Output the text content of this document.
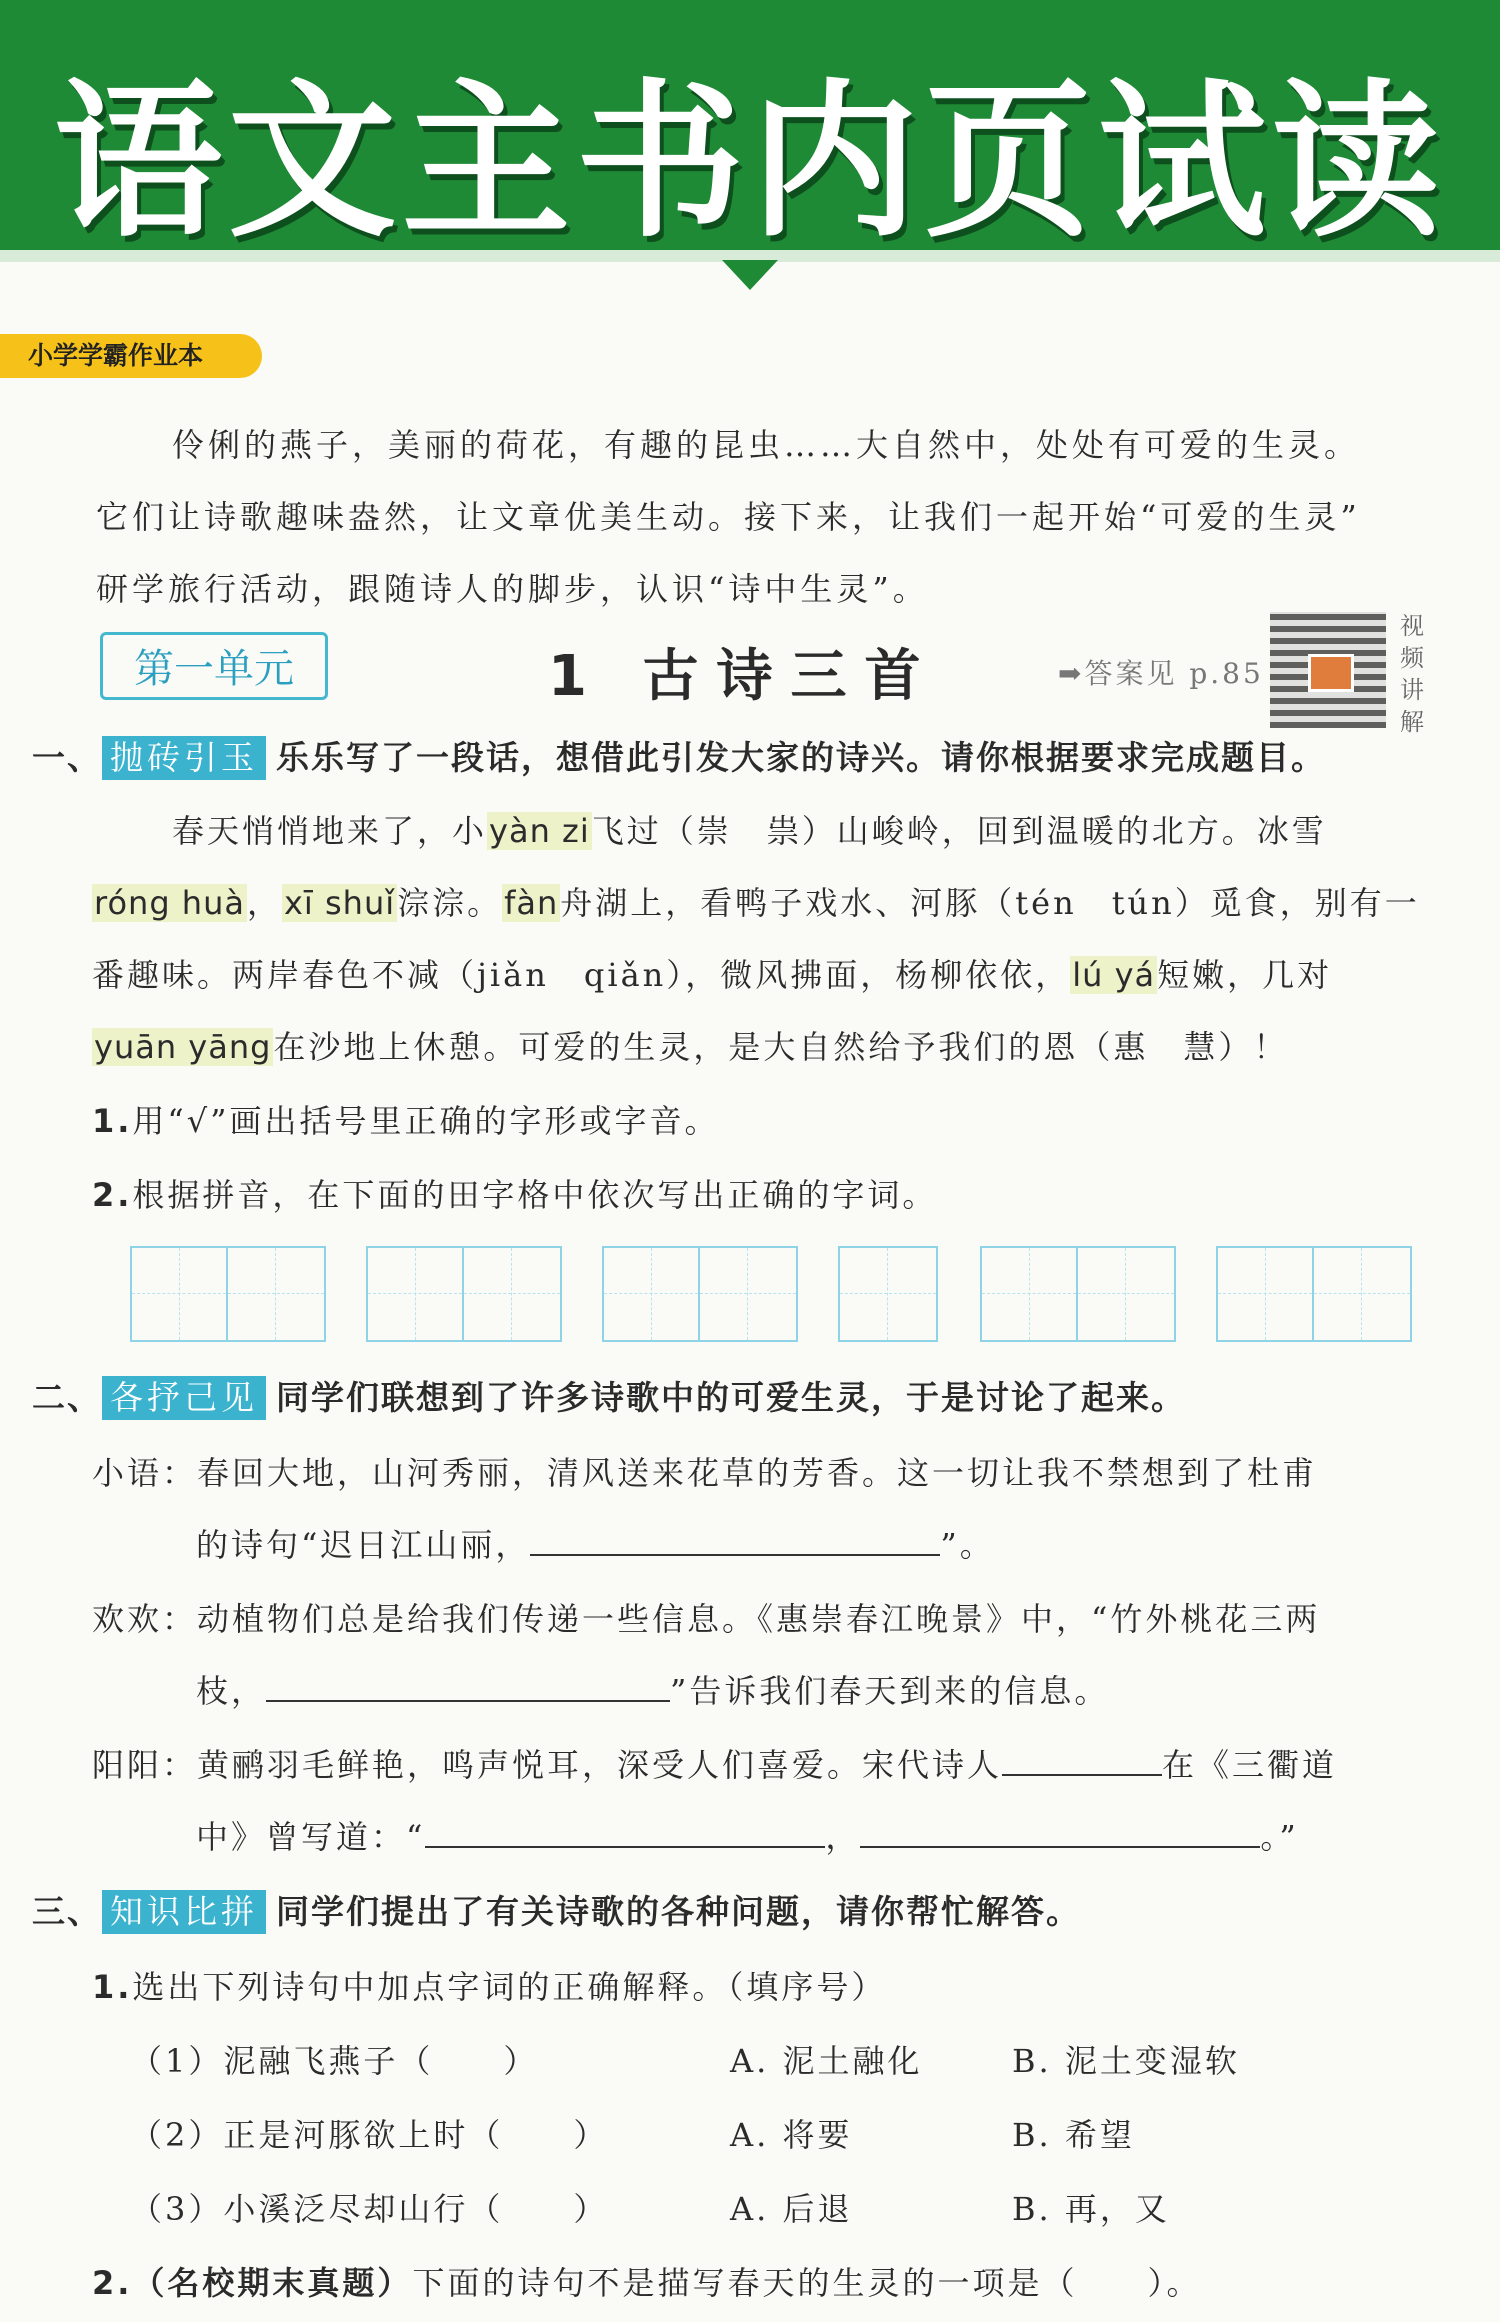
语文主书内页试读
小学学霸作业本
伶俐的燕子，美丽的荷花，有趣的昆虫……大自然中，处处有可爱的生灵。
它们让诗歌趣味盎然，让文章优美生动。接下来，让我们一起开始“可爱的生灵”
研学旅行活动，跟随诗人的脚步，认识“诗中生灵”。
第一单元	1 古诗三首	➡答案见 p.85
视频讲解
一、 抛砖引玉 乐乐写了一段话，想借此引发大家的诗兴。请你根据要求完成题目。
春天悄悄地来了，小yàn zi飞过（崇　祟）山峻岭，回到温暖的北方。冰雪
róng huà，xī shuǐ淙淙。fàn舟湖上，看鸭子戏水、河豚（tén　tún）觅食，别有一
番趣味。两岸春色不减（jiǎn　qiǎn），微风拂面，杨柳依依，lú yá短嫩，几对
yuān yāng在沙地上休憩。可爱的生灵，是大自然给予我们的恩（惠　慧）！
1.用“√”画出括号里正确的字形或字音。
2.根据拼音，在下面的田字格中依次写出正确的字词。
二、 各抒己见 同学们联想到了许多诗歌中的可爱生灵，于是讨论了起来。
小语：春回大地，山河秀丽，清风送来花草的芳香。这一切让我不禁想到了杜甫
的诗句“迟日江山丽，	”。
欢欢：动植物们总是给我们传递一些信息。《惠崇春江晚景》中，“竹外桃花三两
枝，	”告诉我们春天到来的信息。
阳阳：黄鹂羽毛鲜艳，鸣声悦耳，深受人们喜爱。宋代诗人	在《三衢道
中》曾写道：“	，	。”
三、 知识比拼 同学们提出了有关诗歌的各种问题，请你帮忙解答。
1.选出下列诗句中加点字词的正确解释。（填序号）
（1）泥融飞燕子（　　）	A. 泥土融化	B. 泥土变湿软
（2）正是河豚欲上时（　　）	A. 将要	B. 希望
（3）小溪泛尽却山行（　　）	A. 后退	B. 再，又
2.（名校期末真题）下面的诗句不是描写春天的生灵的一项是（　　）。
